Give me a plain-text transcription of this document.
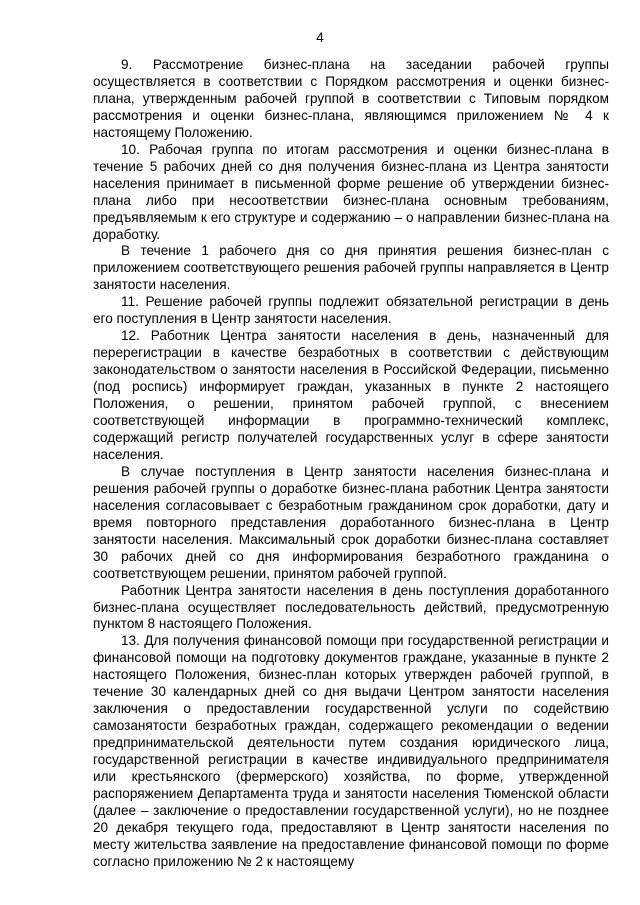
4

9. Рассмотрение бизнес-плана на заседании рабочей группы осуществляется в соответствии с Порядком рассмотрения и оценки бизнес-плана, утвержденным рабочей группой в соответствии с Типовым порядком рассмотрения и оценки бизнес-плана, являющимся приложением № 4 к настоящему Положению.

10. Рабочая группа по итогам рассмотрения и оценки бизнес-плана в течение 5 рабочих дней со дня получения бизнес-плана из Центра занятости населения принимает в письменной форме решение об утверждении бизнес-плана либо при несоответствии бизнес-плана основным требованиям, предъявляемым к его структуре и содержанию – о направлении бизнес-плана на доработку.

В течение 1 рабочего дня со дня принятия решения бизнес-план с приложением соответствующего решения рабочей группы направляется в Центр занятости населения.

11. Решение рабочей группы подлежит обязательной регистрации в день его поступления в Центр занятости населения.

12. Работник Центра занятости населения в день, назначенный для перерегистрации в качестве безработных в соответствии с действующим законодательством о занятости населения в Российской Федерации, письменно (под роспись) информирует граждан, указанных в пункте 2 настоящего Положения, о решении, принятом рабочей группой, с внесением соответствующей информации в программно-технический комплекс, содержащий регистр получателей государственных услуг в сфере занятости населения.

В случае поступления в Центр занятости населения бизнес-плана и решения рабочей группы о доработке бизнес-плана работник Центра занятости населения согласовывает с безработным гражданином срок доработки, дату и время повторного представления доработанного бизнес-плана в Центр занятости населения. Максимальный срок доработки бизнес-плана составляет 30 рабочих дней со дня информирования безработного гражданина о соответствующем решении, принятом рабочей группой.

Работник Центра занятости населения в день поступления доработанного бизнес-плана осуществляет последовательность действий, предусмотренную пунктом 8 настоящего Положения.

13. Для получения финансовой помощи при государственной регистрации и финансовой помощи на подготовку документов граждане, указанные в пункте 2 настоящего Положения, бизнес-план которых утвержден рабочей группой, в течение 30 календарных дней со дня выдачи Центром занятости населения заключения о предоставлении государственной услуги по содействию самозанятости безработных граждан, содержащего рекомендации о ведении предпринимательской деятельности путем создания юридического лица, государственной регистрации в качестве индивидуального предпринимателя или крестьянского (фермерского) хозяйства, по форме, утвержденной распоряжением Департамента труда и занятости населения Тюменской области (далее – заключение о предоставлении государственной услуги), но не позднее 20 декабря текущего года, предоставляют в Центр занятости населения по месту жительства заявление на предоставление финансовой помощи по форме согласно приложению № 2 к настоящему
